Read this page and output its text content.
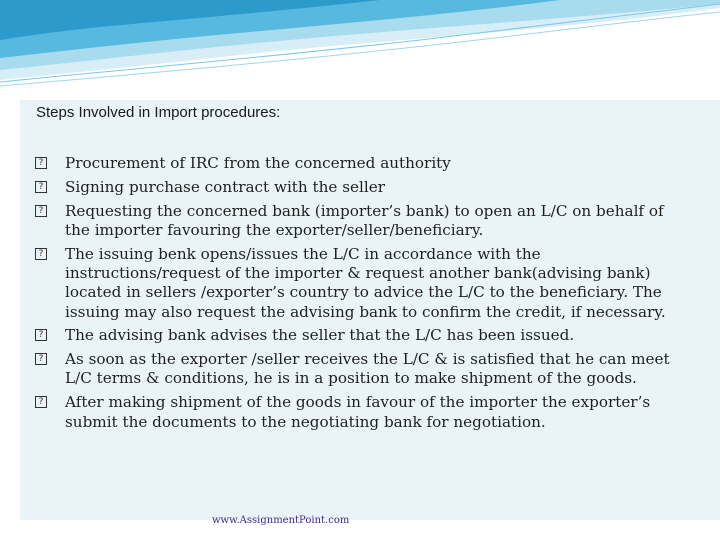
Steps Involved in Import procedures:
? Procurement of IRC from the concerned authority
? Signing purchase contract with the seller
? Requesting the concerned bank (importer’s bank) to open an L/C on behalf of the importer favouring the exporter/seller/beneficiary.
? The issuing benk opens/issues the L/C in accordance with the instructions/request of the importer & request another bank(advising bank) located in sellers /exporter’s country to advice the L/C to the beneficiary. The issuing may also request the advising bank to confirm the credit, if necessary.
? The advising bank advises the seller that the L/C has been issued.
? As soon as the exporter /seller receives the L/C & is satisfied that he can meet L/C terms & conditions, he is in a position to make shipment of the goods.
? After making shipment of the goods in favour of the importer the exporter’s submit the documents to the negotiating bank for negotiation.
www.AssignmentPoint.com
